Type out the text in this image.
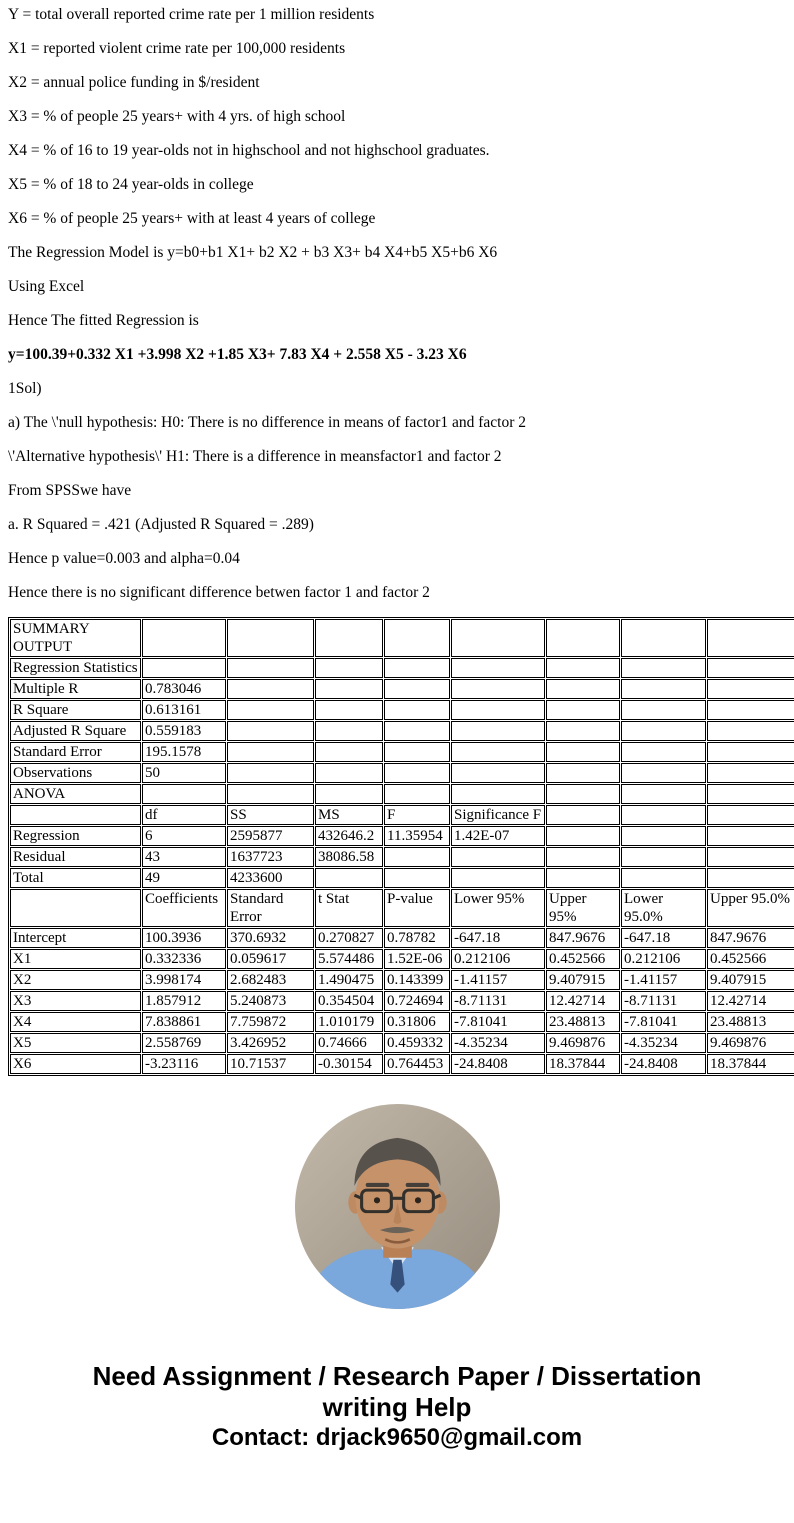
Y = total overall reported crime rate per 1 million residents

X1 = reported violent crime rate per 100,000 residents

X2 = annual police funding in $/resident

X3 = % of people 25 years+ with 4 yrs. of high school

X4 = % of 16 to 19 year-olds not in highschool and not highschool graduates.

X5 = % of 18 to 24 year-olds in college

X6 = % of people 25 years+ with at least 4 years of college

The Regression Model is y=b0+b1 X1+ b2 X2 + b3 X3+ b4 X4+b5 X5+b6 X6

Using Excel

Hence The fitted Regression is

y=100.39+0.332 X1 +3.998 X2 +1.85 X3+ 7.83 X4 + 2.558 X5 - 3.23 X6

1Sol)

a) The \'null hypothesis: H0: There is no difference in means of factor1 and factor 2

\'Alternative hypothesis\' H1: There is a difference in meansfactor1 and factor 2

From SPSSwe have

a. R Squared = .421 (Adjusted R Squared = .289)

Hence p value=0.003 and alpha=0.04

Hence there is no significant difference betwen factor 1 and factor 2

SUMMARY OUTPUT								
Regression Statistics								
Multiple R	0.783046							
R Square	0.613161							
Adjusted R Square	0.559183							
Standard Error	195.1578							
Observations	50							
ANOVA								
	df	SS	MS	F	Significance F			
Regression	6	2595877	432646.2	11.35954	1.42E-07			
Residual	43	1637723	38086.58					
Total	49	4233600						
	Coefficients	Standard Error	t Stat	P-value	Lower 95%	Upper 95%	Lower 95.0%	Upper 95.0%
Intercept	100.3936	370.6932	0.270827	0.78782	-647.18	847.9676	-647.18	847.9676
X1	0.332336	0.059617	5.574486	1.52E-06	0.212106	0.452566	0.212106	0.452566
X2	3.998174	2.682483	1.490475	0.143399	-1.41157	9.407915	-1.41157	9.407915
X3	1.857912	5.240873	0.354504	0.724694	-8.71131	12.42714	-8.71131	12.42714
X4	7.838861	7.759872	1.010179	0.31806	-7.81041	23.48813	-7.81041	23.48813
X5	2.558769	3.426952	0.74666	0.459332	-4.35234	9.469876	-4.35234	9.469876
X6	-3.23116	10.71537	-0.30154	0.764453	-24.8408	18.37844	-24.8408	18.37844
Need Assignment / Research Paper / Dissertation
writing Help
Contact: drjack9650@gmail.com
